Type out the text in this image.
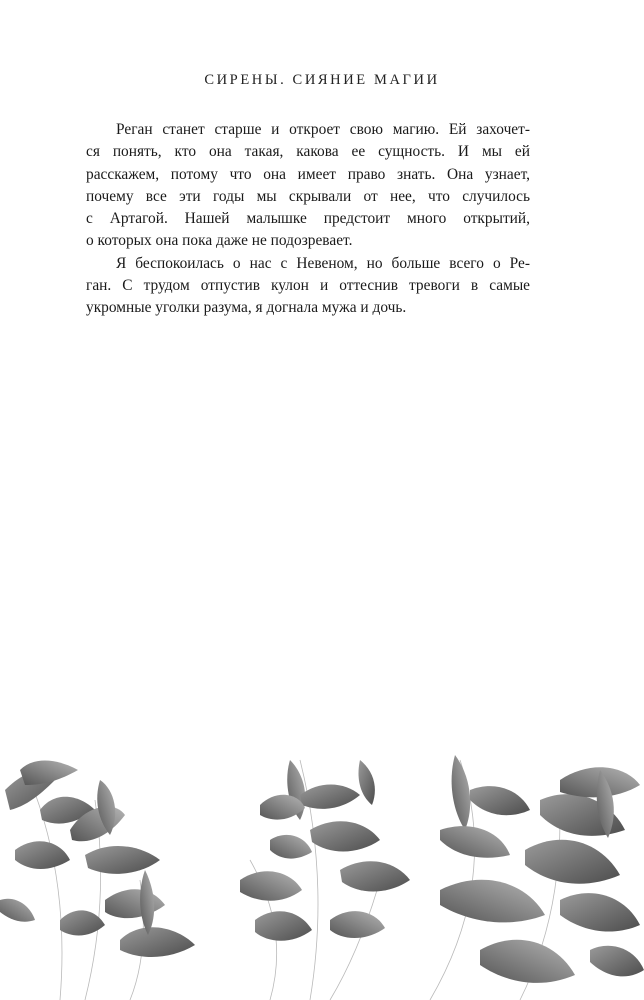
СИРЕНЫ. СИЯНИЕ МАГИИ
Реган станет старше и откроет свою магию. Ей захочет-
ся понять, кто она такая, какова ее сущность. И мы ей
расскажем, потому что она имеет право знать. Она узнает,
почему все эти годы мы скрывали от нее, что случилось
с Артагой. Нашей малышке предстоит много открытий,
о которых она пока даже не подозревает.
Я беспокоилась о нас с Невеном, но больше всего о Ре-
ган. С трудом отпустив кулон и оттеснив тревоги в самые
укромные уголки разума, я догнала мужа и дочь.
